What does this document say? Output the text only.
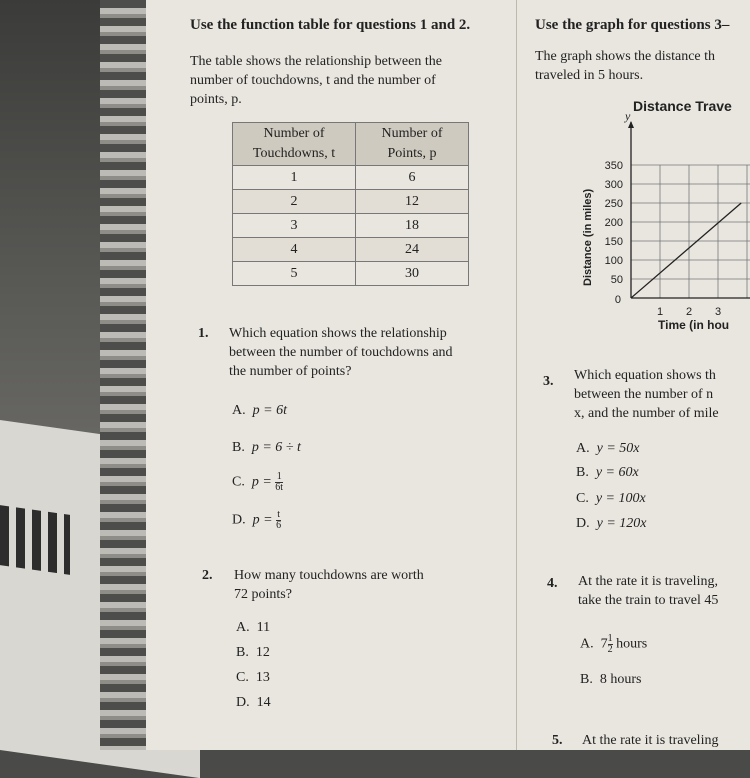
Use the function table for questions 1 and 2.
The table shows the relationship between the
number of touchdowns, t and the number of
points, p.
Number of
Touchdowns, t	Number of
Points, p
1	6
2	12
3	18
4	24
5	30
1. Which equation shows the relationship
between the number of touchdowns and
the number of points?
A. p = 6t
B. p = 6 ÷ t
C. $p = \frac{1}{6t}$
D. $p = \frac{t}{6}$
2. How many touchdowns are worth
72 points?
A. 11
B. 12
C. 13
D. 14
Use the graph for questions 3–
The graph shows the distance th
traveled in 5 hours.
Distance Trave
50
100
150
200
250
300
350
1 2 3
0
y
Distance (in miles)
Time (in hou
3. Which equation shows th
between the number of n
x, and the number of mile
A. y = 50x
B. y = 60x
C. y = 100x
D. y = 120x
4. At the rate it is traveling,
take the train to travel 45
A. $7 \frac{1}{2}$ hours
B. 8 hours
5. At the rate it is traveling
